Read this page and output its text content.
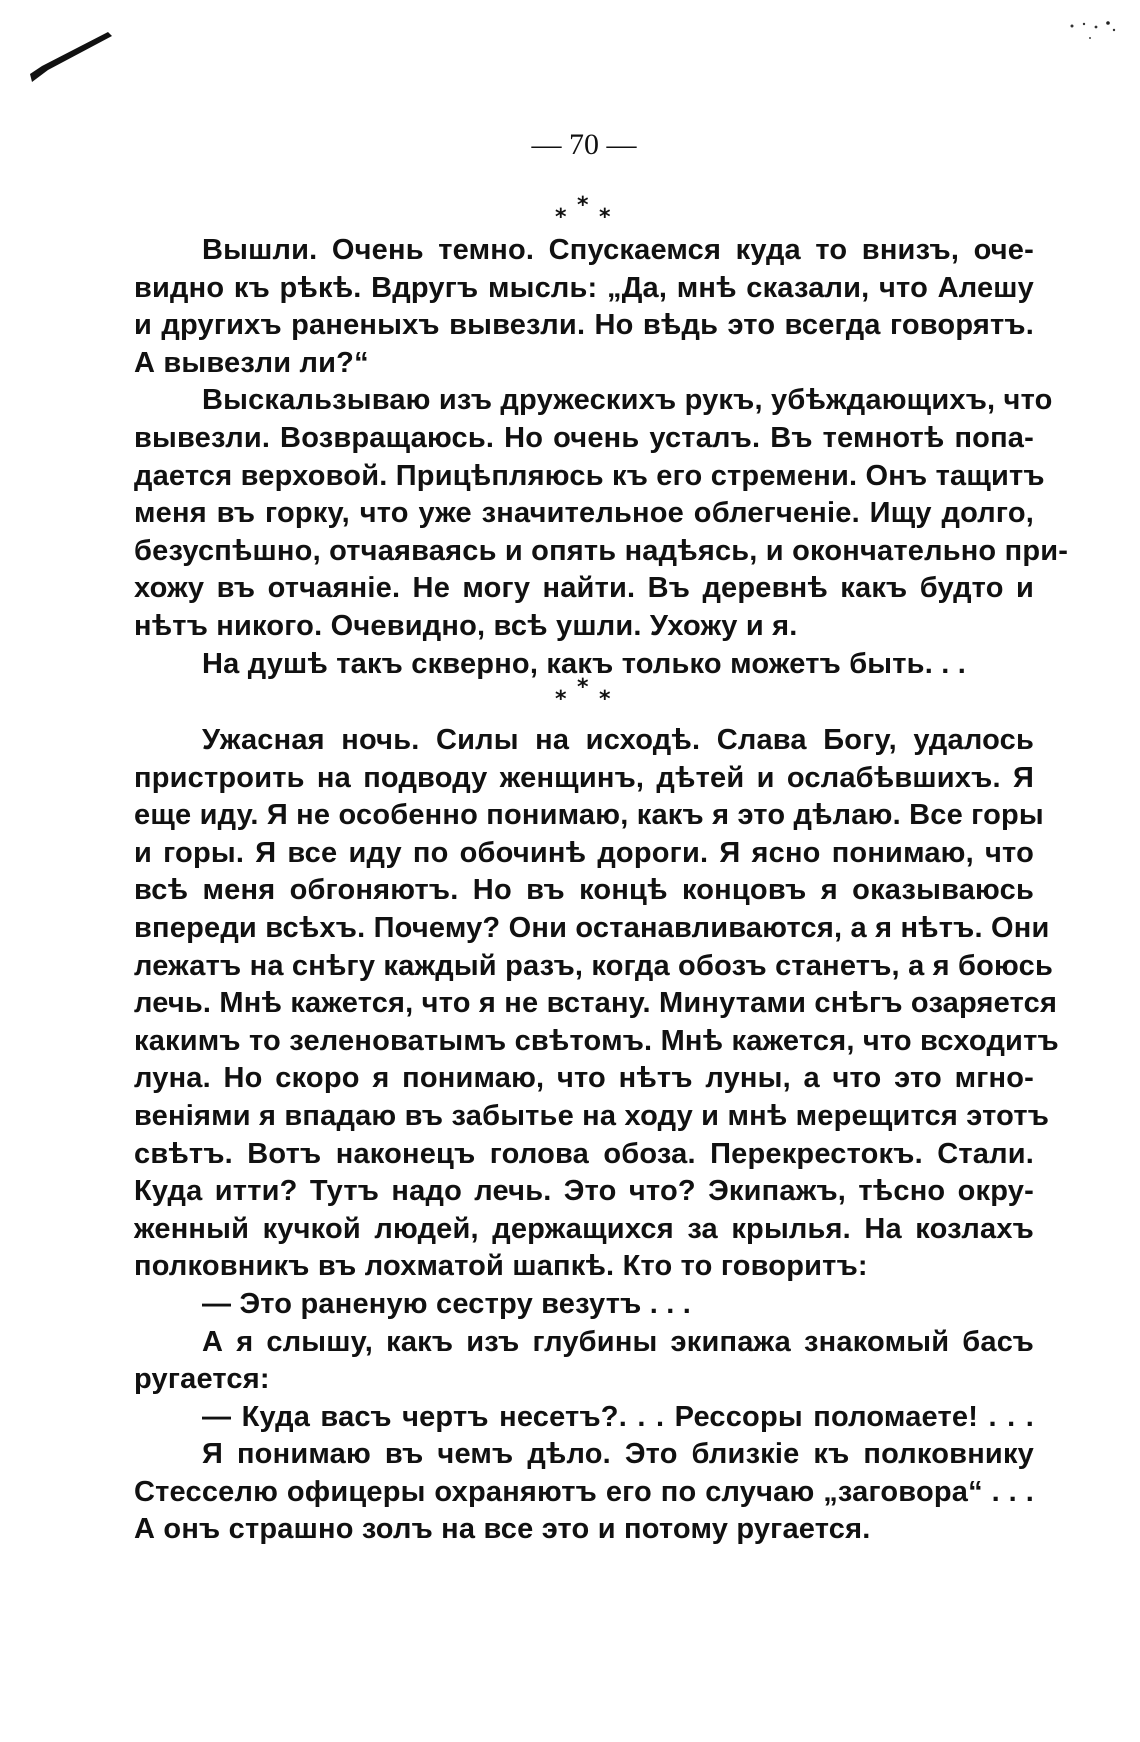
— 70 —
* * *
Вышли. Очень темно. Спускаемся куда то внизъ, оче-
видно къ рѣкѣ. Вдругъ мысль: „Да, мнѣ сказали, что Алешу
и другихъ раненыхъ вывезли. Но вѣдь это всегда говорятъ.
А вывезли ли?“
Выскальзываю изъ дружескихъ рукъ, убѣждающихъ, что
вывезли. Возвращаюсь. Но очень усталъ. Въ темнотѣ попа-
дается верховой. Прицѣпляюсь къ его стремени. Онъ тащитъ
меня въ горку, что уже значительное облегченіе. Ищу долго,
безуспѣшно, отчаяваясь и опять надѣясь, и окончательно при-
хожу въ отчаяніе. Не могу найти. Въ деревнѣ какъ будто и
нѣтъ никого. Очевидно, всѣ ушли. Ухожу и я.
На душѣ такъ скверно, какъ только можетъ быть. . .
* * *
Ужасная ночь. Силы на исходѣ. Слава Богу, удалось
пристроить на подводу женщинъ, дѣтей и ослабѣвшихъ. Я
еще иду. Я не особенно понимаю, какъ я это дѣлаю. Все горы
и горы. Я все иду по обочинѣ дороги. Я ясно понимаю, что
всѣ меня обгоняютъ. Но въ концѣ концовъ я оказываюсь
впереди всѣхъ. Почему? Они останавливаются, а я нѣтъ. Они
лежатъ на снѣгу каждый разъ, когда обозъ станетъ, а я боюсь
лечь. Мнѣ кажется, что я не встану. Минутами снѣгъ озаряется
какимъ то зеленоватымъ свѣтомъ. Мнѣ кажется, что всходитъ
луна. Но скоро я понимаю, что нѣтъ луны, а что это мгно-
веніями я впадаю въ забытье на ходу и мнѣ мерещится этотъ
свѣтъ. Вотъ наконецъ голова обоза. Перекрестокъ. Стали.
Куда итти? Тутъ надо лечь. Это что? Экипажъ, тѣсно окру-
женный кучкой людей, держащихся за крылья. На козлахъ
полковникъ въ лохматой шапкѣ. Кто то говоритъ:
— Это раненую сестру везутъ . . .
А я слышу, какъ изъ глубины экипажа знакомый басъ
ругается:
— Куда васъ чертъ несетъ?. . . Рессоры поломаете! . . .
Я понимаю въ чемъ дѣло. Это близкіе къ полковнику
Стесселю офицеры охраняютъ его по случаю „заговора“ . . .
А онъ страшно золъ на все это и потому ругается.
